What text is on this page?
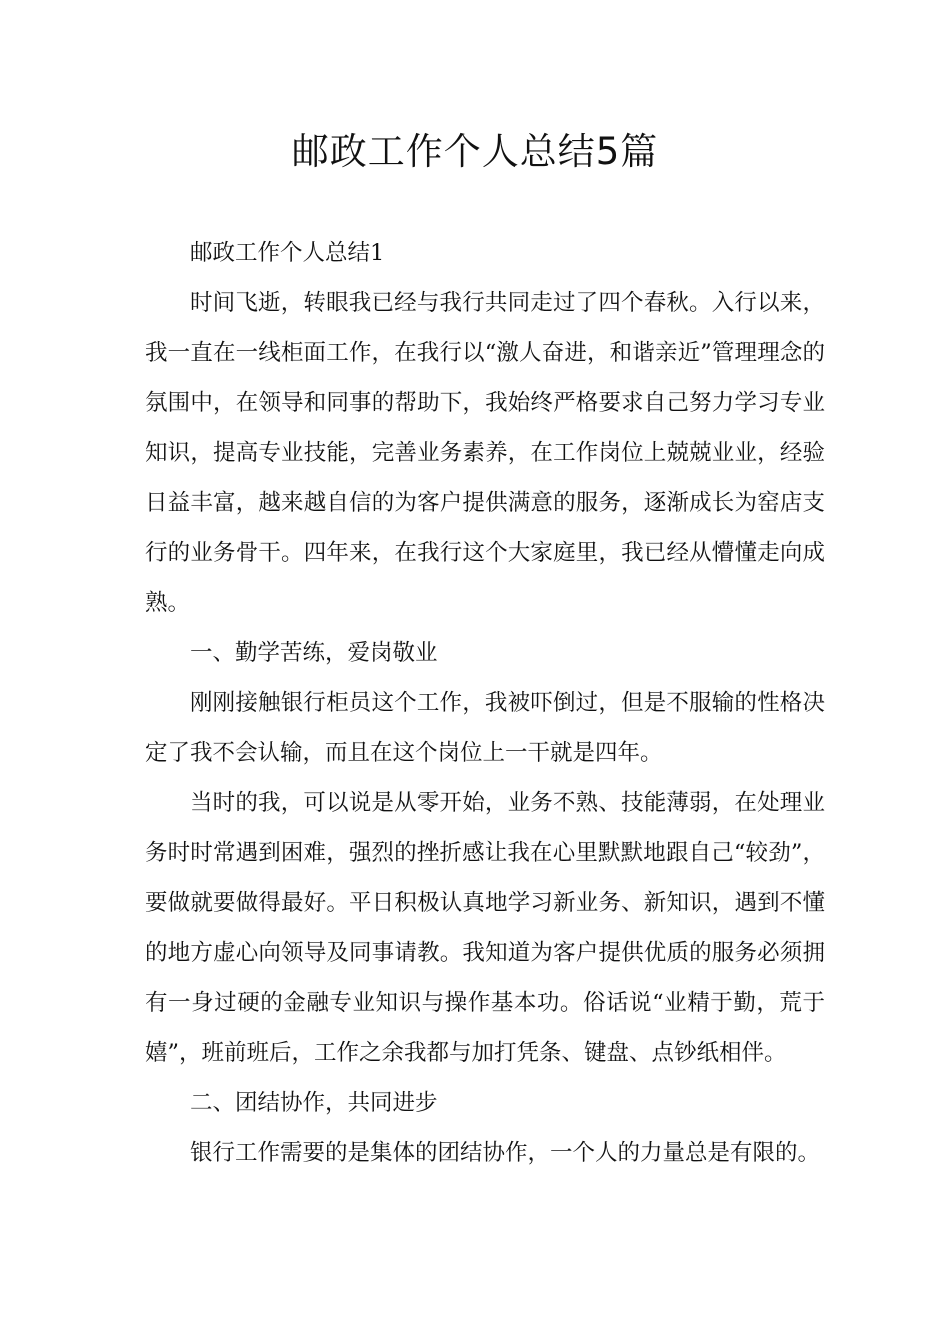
邮政工作个人总结5篇

邮政工作个人总结1

时间飞逝，转眼我已经与我行共同走过了四个春秋。入行以来，我一直在一线柜面工作，在我行以“激人奋进，和谐亲近”管理理念的氛围中，在领导和同事的帮助下，我始终严格要求自己努力学习专业知识，提高专业技能，完善业务素养，在工作岗位上兢兢业业，经验日益丰富，越来越自信的为客户提供满意的服务，逐渐成长为窑店支行的业务骨干。四年来，在我行这个大家庭里，我已经从懵懂走向成熟。

一、勤学苦练，爱岗敬业

刚刚接触银行柜员这个工作，我被吓倒过，但是不服输的性格决定了我不会认输，而且在这个岗位上一干就是四年。

当时的我，可以说是从零开始，业务不熟、技能薄弱，在处理业务时时常遇到困难，强烈的挫折感让我在心里默默地跟自己“较劲”，要做就要做得最好。平日积极认真地学习新业务、新知识，遇到不懂的地方虚心向领导及同事请教。我知道为客户提供优质的服务必须拥有一身过硬的金融专业知识与操作基本功。俗话说“业精于勤，荒于嬉”，班前班后，工作之余我都与加打凭条、键盘、点钞纸相伴。

二、团结协作，共同进步

银行工作需要的是集体的团结协作，一个人的力量总是有限的。
